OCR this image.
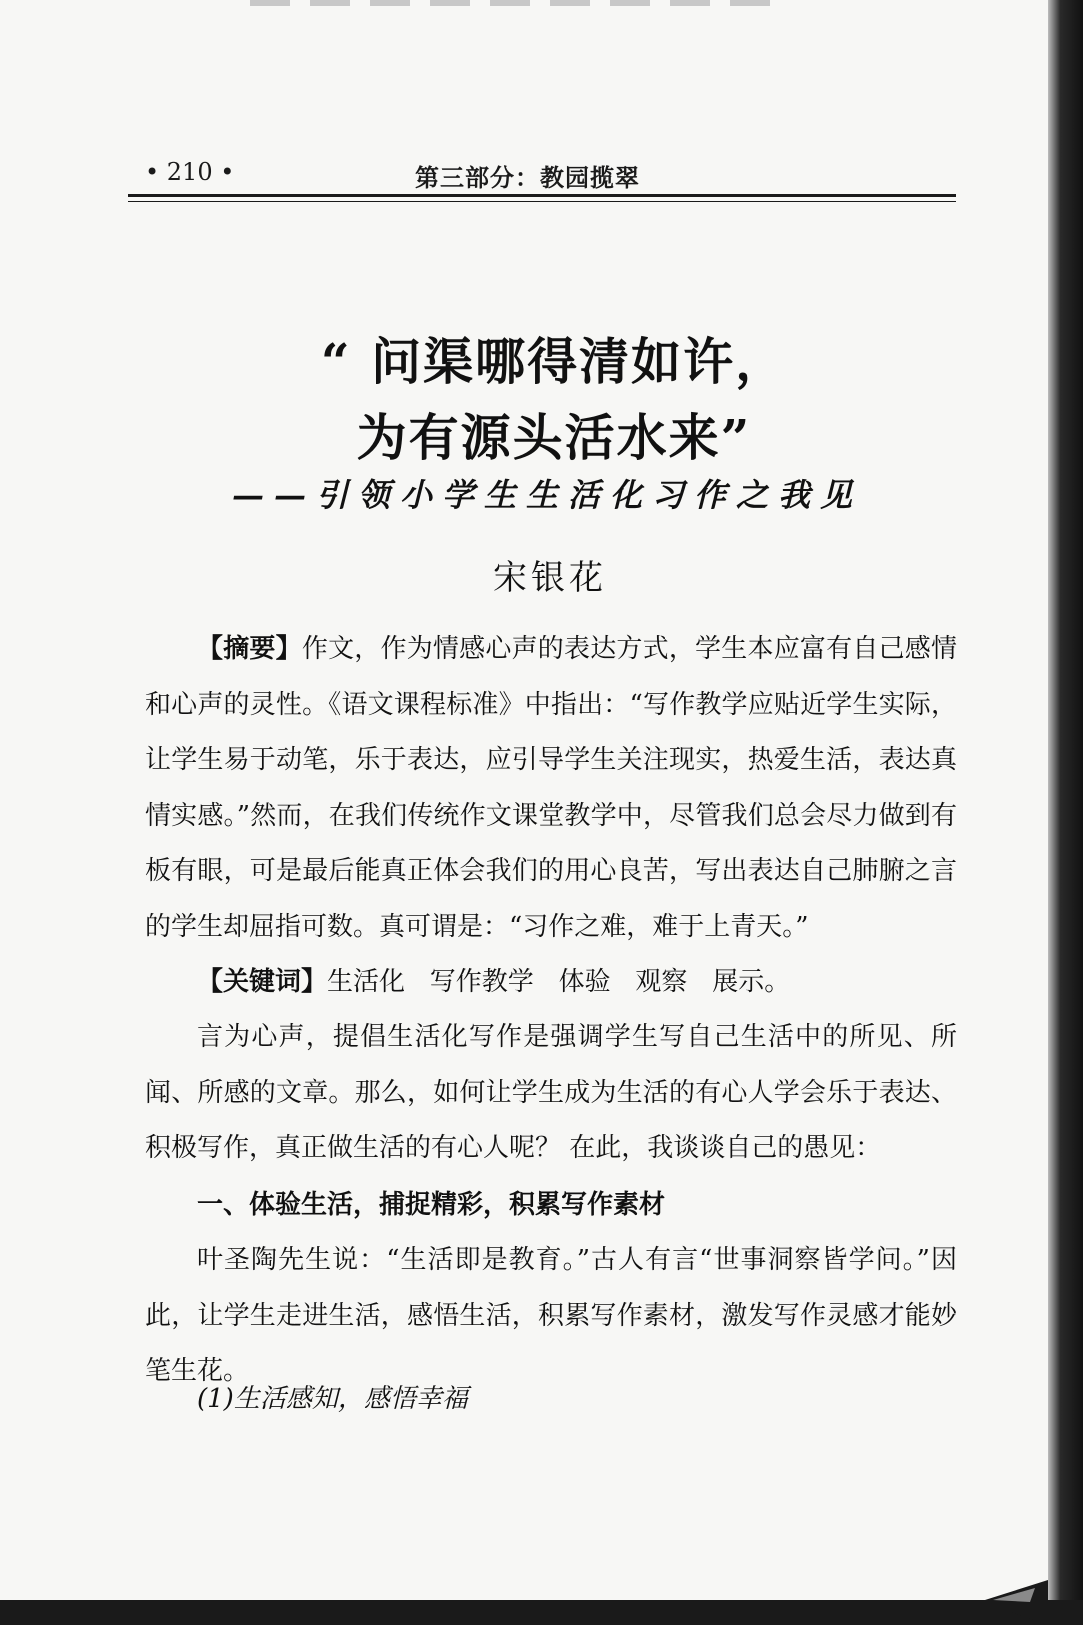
• 210 •	第三部分：教园揽翠
“ 问渠哪得清如许，
为有源头活水来”
——引领小学生生活化习作之我见
宋银花
【摘要】作文，作为情感心声的表达方式，学生本应富有自己感情和心声的灵性。《语文课程标准》中指出：“写作教学应贴近学生实际，让学生易于动笔，乐于表达，应引导学生关注现实，热爱生活，表达真情实感。”然而，在我们传统作文课堂教学中，尽管我们总会尽力做到有板有眼，可是最后能真正体会我们的用心良苦，写出表达自己肺腑之言的学生却屈指可数。真可谓是：“习作之难，难于上青天。”
【关键词】生活化   写作教学   体验   观察   展示。
言为心声，提倡生活化写作是强调学生写自己生活中的所见、所闻、所感的文章。那么，如何让学生成为生活的有心人学会乐于表达、积极写作，真正做生活的有心人呢？ 在此，我谈谈自己的愚见：
一、体验生活，捕捉精彩，积累写作素材
叶圣陶先生说：“生活即是教育。”古人有言“世事洞察皆学问。”因此，让学生走进生活，感悟生活，积累写作素材，激发写作灵感才能妙笔生花。
(1)生活感知，感悟幸福
